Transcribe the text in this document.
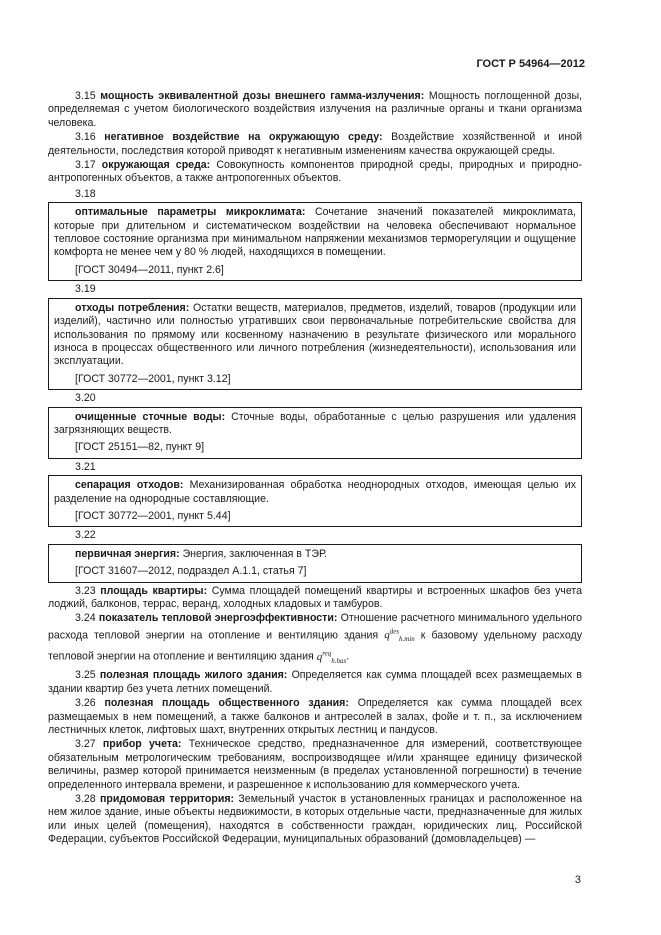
ГОСТ Р 54964—2012

3.15 мощность эквивалентной дозы внешнего гамма-излучения: Мощность поглощенной дозы, определяемая с учетом биологического воздействия излучения на различные органы и ткани организма человека.

3.16 негативное воздействие на окружающую среду: Воздействие хозяйственной и иной деятельности, последствия которой приводят к негативным изменениям качества окружающей среды.

3.17 окружающая среда: Совокупность компонентов природной среды, природных и природно-антропогенных объектов, а также антропогенных объектов.

3.18

оптимальные параметры микроклимата: Сочетание значений показателей микроклимата, которые при длительном и систематическом воздействии на человека обеспечивают нормальное тепловое состояние организма при минимальном напряжении механизмов терморегуляции и ощущение комфорта не менее чем у 80 % людей, находящихся в помещении.

[ГОСТ 30494—2011, пункт 2.6]

3.19

отходы потребления: Остатки веществ, материалов, предметов, изделий, товаров (продукции или изделий), частично или полностью утративших свои первоначальные потребительские свойства для использования по прямому или косвенному назначению в результате физического или морального износа в процессах общественного или личного потребления (жизнедеятельности), использования или эксплуатации.

[ГОСТ 30772—2001, пункт 3.12]

3.20

очищенные сточные воды: Сточные воды, обработанные с целью разрушения или удаления загрязняющих веществ.

[ГОСТ 25151—82, пункт 9]

3.21

сепарация отходов: Механизированная обработка неоднородных отходов, имеющая целью их разделение на однородные составляющие.

[ГОСТ 30772—2001, пункт 5.44]

3.22

первичная энергия: Энергия, заключенная в ТЭР.

[ГОСТ 31607—2012, подраздел А.1.1, статья 7]

3.23 площадь квартиры: Сумма площадей помещений квартиры и встроенных шкафов без учета лоджий, балконов, террас, веранд, холодных кладовых и тамбуров.

3.24 показатель тепловой энергоэффективности: Отношение расчетного минимального удельного расхода тепловой энергии на отопление и вентиляцию здания $q^{des}_{h.min}$ к базовому удельному расходу тепловой энергии на отопление и вентиляцию здания $q^{req}_{h.bas}$.

3.25 полезная площадь жилого здания: Определяется как сумма площадей всех размещаемых в здании квартир без учета летних помещений.

3.26 полезная площадь общественного здания: Определяется как сумма площадей всех размещаемых в нем помещений, а также балконов и антресолей в залах, фойе и т. п., за исключением лестничных клеток, лифтовых шахт, внутренних открытых лестниц и пандусов.

3.27 прибор учета: Техническое средство, предназначенное для измерений, соответствующее обязательным метрологическим требованиям, воспроизводящее и/или хранящее единицу физической величины, размер которой принимается неизменным (в пределах установленной погрешности) в течение определенного интервала времени, и разрешенное к использованию для коммерческого учета.

3.28 придомовая территория: Земельный участок в установленных границах и расположенное на нем жилое здание, иные объекты недвижимости, в которых отдельные части, предназначенные для жилых или иных целей (помещения), находятся в собственности граждан, юридических лиц, Российской Федерации, субъектов Российской Федерации, муниципальных образований (домовладельцев) —

3
